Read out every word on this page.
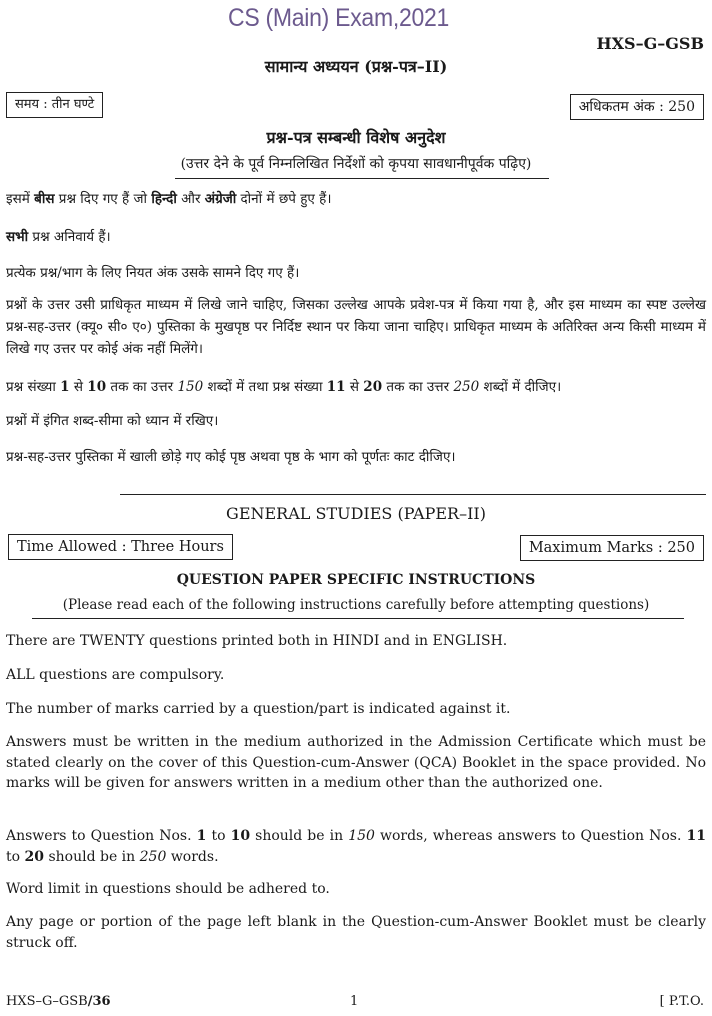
CS (Main) Exam,2021
HXS–G–GSB
सामान्य अध्ययन (प्रश्न-पत्र–II)
समय : तीन घण्टे	अधिकतम अंक : 250
प्रश्न-पत्र सम्बन्धी विशेष अनुदेश
(उत्तर देने के पूर्व निम्नलिखित निर्देशों को कृपया सावधानीपूर्वक पढ़िए)
इसमें बीस प्रश्न दिए गए हैं जो हिन्दी और अंग्रेजी दोनों में छपे हुए हैं।
सभी प्रश्न अनिवार्य हैं।
प्रत्येक प्रश्न/भाग के लिए नियत अंक उसके सामने दिए गए हैं।
प्रश्नों के उत्तर उसी प्राधिकृत माध्यम में लिखे जाने चाहिए, जिसका उल्लेख आपके प्रवेश-पत्र में किया गया है, और इस माध्यम का स्पष्ट उल्लेख प्रश्न-सह-उत्तर (क्यू० सी० ए०) पुस्तिका के मुखपृष्ठ पर निर्दिष्ट स्थान पर किया जाना चाहिए। प्राधिकृत माध्यम के अतिरिक्त अन्य किसी माध्यम में लिखे गए उत्तर पर कोई अंक नहीं मिलेंगे।
प्रश्न संख्या 1 से 10 तक का उत्तर 150 शब्दों में तथा प्रश्न संख्या 11 से 20 तक का उत्तर 250 शब्दों में दीजिए।
प्रश्नों में इंगित शब्द-सीमा को ध्यान में रखिए।
प्रश्न-सह-उत्तर पुस्तिका में खाली छोड़े गए कोई पृष्ठ अथवा पृष्ठ के भाग को पूर्णतः काट दीजिए।
GENERAL STUDIES (PAPER–II)
Time Allowed : Three Hours	Maximum Marks : 250
QUESTION PAPER SPECIFIC INSTRUCTIONS
(Please read each of the following instructions carefully before attempting questions)
There are TWENTY questions printed both in HINDI and in ENGLISH.
ALL questions are compulsory.
The number of marks carried by a question/part is indicated against it.
Answers must be written in the medium authorized in the Admission Certificate which must be stated clearly on the cover of this Question-cum-Answer (QCA) Booklet in the space provided. No marks will be given for answers written in a medium other than the authorized one.
Answers to Question Nos. 1 to 10 should be in 150 words, whereas answers to Question Nos. 11 to 20 should be in 250 words.
Word limit in questions should be adhered to.
Any page or portion of the page left blank in the Question-cum-Answer Booklet must be clearly struck off.
HXS–G–GSB/36	1	[ P.T.O.
